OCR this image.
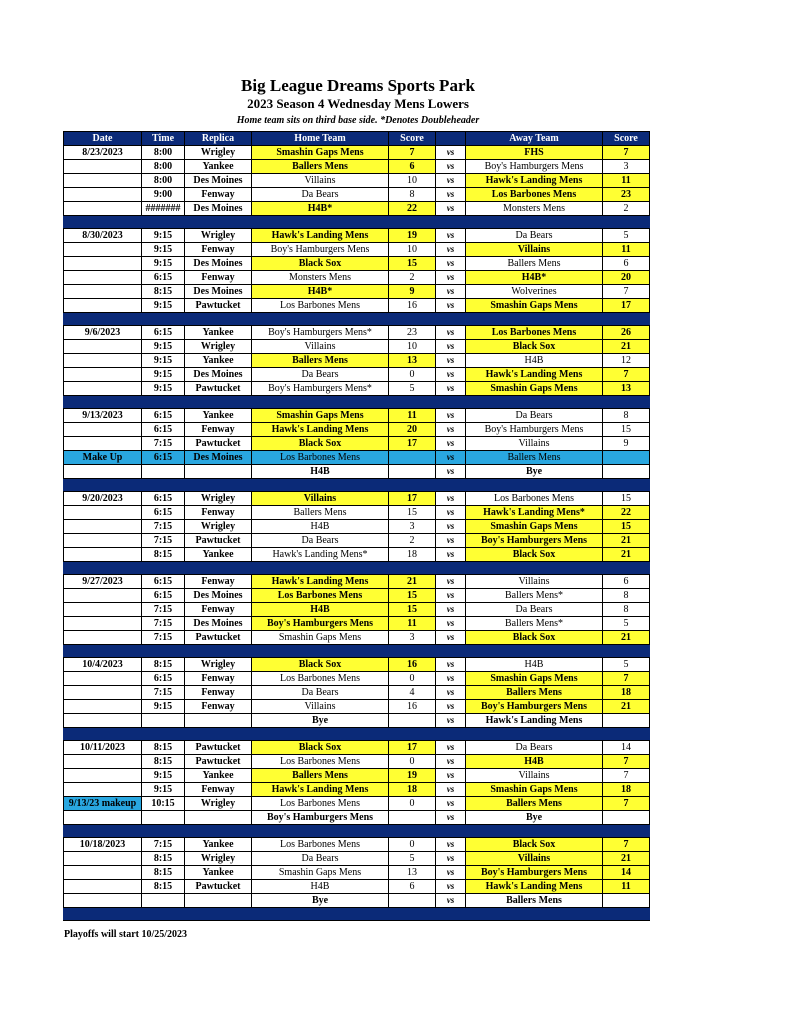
Big League Dreams Sports Park
2023 Season 4 Wednesday Mens Lowers
Home team sits on third base side. *Denotes Doubleheader
Date	Time	Replica	Home Team	Score		Away Team	Score
8/23/2023	8:00	Wrigley	Smashin Gaps Mens	7	vs	FHS	7
	8:00	Yankee	Ballers Mens	6	vs	Boy's Hamburgers Mens	3
	8:00	Des Moines	Villains	10	vs	Hawk's Landing Mens	11
	9:00	Fenway	Da Bears	8	vs	Los Barbones Mens	23
	#######	Des Moines	H4B*	22	vs	Monsters Mens	2

8/30/2023	9:15	Wrigley	Hawk's Landing Mens	19	vs	Da Bears	5
	9:15	Fenway	Boy's Hamburgers Mens	10	vs	Villains	11
	9:15	Des Moines	Black Sox	15	vs	Ballers Mens	6
	6:15	Fenway	Monsters Mens	2	vs	H4B*	20
	8:15	Des Moines	H4B*	9	vs	Wolverines	7
	9:15	Pawtucket	Los Barbones Mens	16	vs	Smashin Gaps Mens	17

9/6/2023	6:15	Yankee	Boy's Hamburgers Mens*	23	vs	Los Barbones Mens	26
	9:15	Wrigley	Villains	10	vs	Black Sox	21
	9:15	Yankee	Ballers Mens	13	vs	H4B	12
	9:15	Des Moines	Da Bears	0	vs	Hawk's Landing Mens	7
	9:15	Pawtucket	Boy's Hamburgers Mens*	5	vs	Smashin Gaps Mens	13

9/13/2023	6:15	Yankee	Smashin Gaps Mens	11	vs	Da Bears	8
	6:15	Fenway	Hawk's Landing Mens	20	vs	Boy's Hamburgers Mens	15
	7:15	Pawtucket	Black Sox	17	vs	Villains	9
Make Up	6:15	Des Moines	Los Barbones Mens		vs	Ballers Mens	
			H4B		vs	Bye	

9/20/2023	6:15	Wrigley	Villains	17	vs	Los Barbones Mens	15
	6:15	Fenway	Ballers Mens	15	vs	Hawk's Landing Mens*	22
	7:15	Wrigley	H4B	3	vs	Smashin Gaps Mens	15
	7:15	Pawtucket	Da Bears	2	vs	Boy's Hamburgers Mens	21
	8:15	Yankee	Hawk's Landing Mens*	18	vs	Black Sox	21

9/27/2023	6:15	Fenway	Hawk's Landing Mens	21	vs	Villains	6
	6:15	Des Moines	Los Barbones Mens	15	vs	Ballers Mens*	8
	7:15	Fenway	H4B	15	vs	Da Bears	8
	7:15	Des Moines	Boy's Hamburgers Mens	11	vs	Ballers Mens*	5
	7:15	Pawtucket	Smashin Gaps Mens	3	vs	Black Sox	21

10/4/2023	8:15	Wrigley	Black Sox	16	vs	H4B	5
	6:15	Fenway	Los Barbones Mens	0	vs	Smashin Gaps Mens	7
	7:15	Fenway	Da Bears	4	vs	Ballers Mens	18
	9:15	Fenway	Villains	16	vs	Boy's Hamburgers Mens	21
			Bye		vs	Hawk's Landing Mens	

10/11/2023	8:15	Pawtucket	Black Sox	17	vs	Da Bears	14
	8:15	Pawtucket	Los Barbones Mens	0	vs	H4B	7
	9:15	Yankee	Ballers Mens	19	vs	Villains	7
	9:15	Fenway	Hawk's Landing Mens	18	vs	Smashin Gaps Mens	18
9/13/23 makeup	10:15	Wrigley	Los Barbones Mens	0	vs	Ballers Mens	7
			Boy's Hamburgers Mens		vs	Bye	

10/18/2023	7:15	Yankee	Los Barbones Mens	0	vs	Black Sox	7
	8:15	Wrigley	Da Bears	5	vs	Villains	21
	8:15	Yankee	Smashin Gaps Mens	13	vs	Boy's Hamburgers Mens	14
	8:15	Pawtucket	H4B	6	vs	Hawk's Landing Mens	11
			Bye		vs	Ballers Mens	

Playoffs will start 10/25/2023
